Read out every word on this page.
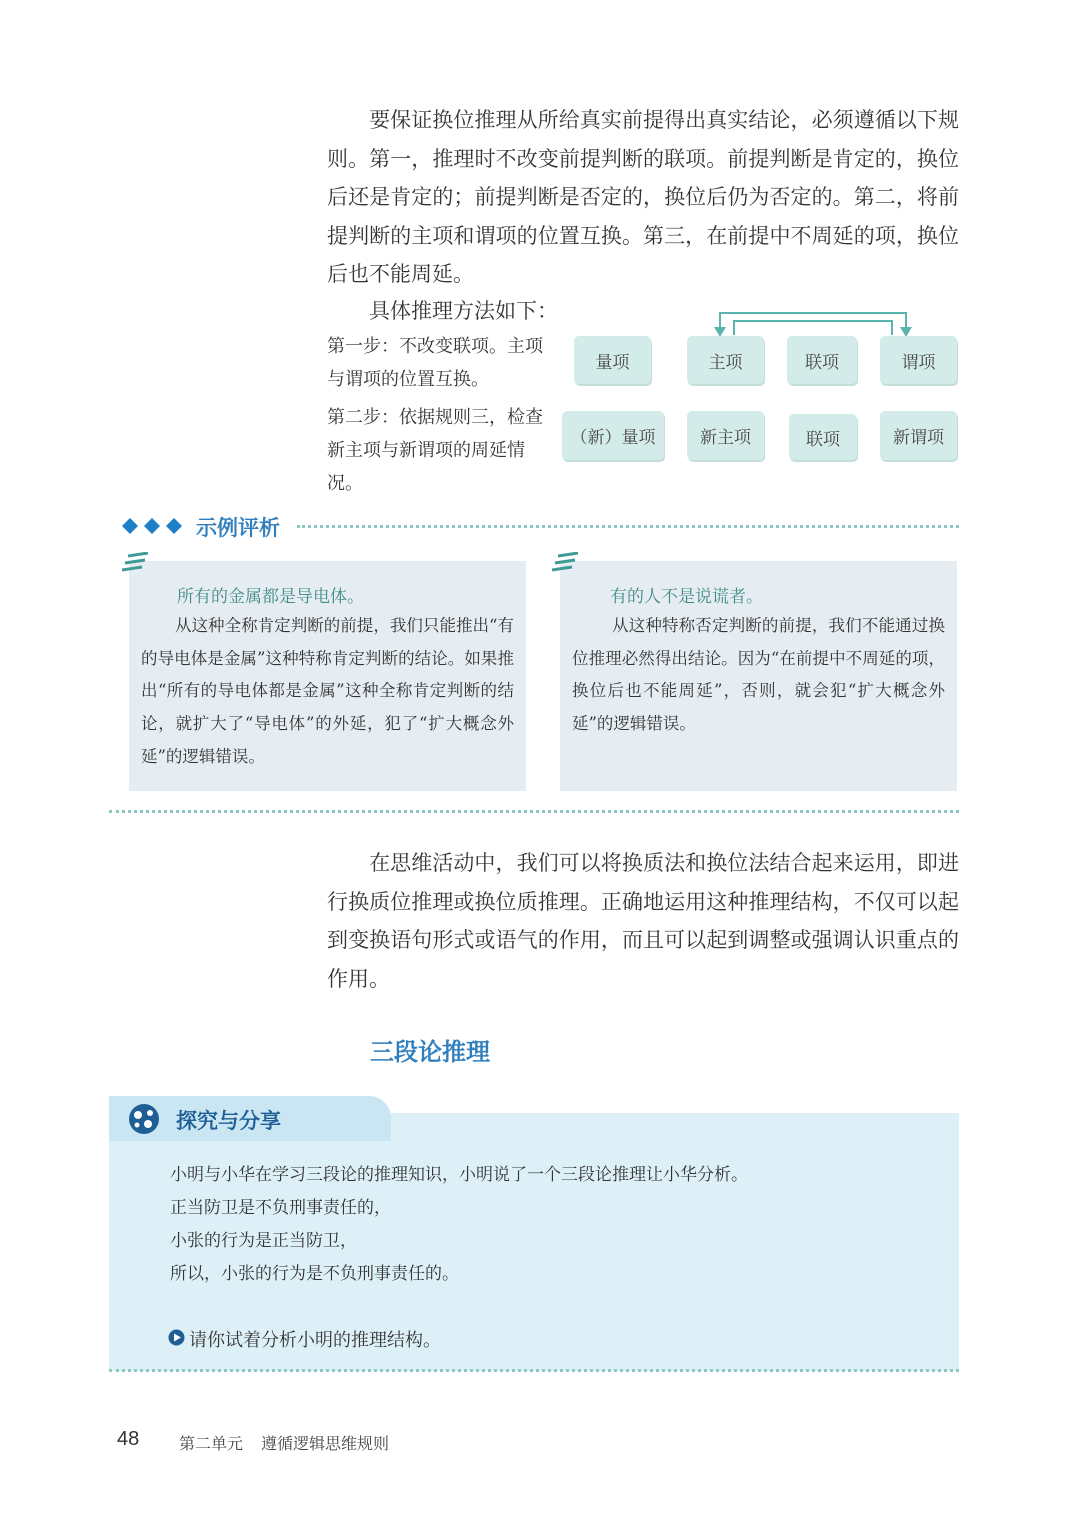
要保证换位推理从所给真实前提得出真实结论，必须遵循以下规则。第一，推理时不改变前提判断的联项。前提判断是肯定的，换位后还是肯定的；前提判断是否定的，换位后仍为否定的。第二，将前提判断的主项和谓项的位置互换。第三，在前提中不周延的项，换位后也不能周延。

具体推理方法如下：

第一步：不改变联项。主项与谓项的位置互换。

第二步：依据规则三，检查新主项与新谓项的周延情况。

量项	主项	联项	谓项
（新）量项	新主项	联项	新谓项
示例评析
所有的金属都是导电体。

从这种全称肯定判断的前提，我们只能推出“有的导电体是金属”这种特称肯定判断的结论。如果推出“所有的导电体都是金属”这种全称肯定判断的结论，就扩大了“导电体”的外延，犯了“扩大概念外延”的逻辑错误。

有的人不是说谎者。

从这种特称否定判断的前提，我们不能通过换位推理必然得出结论。因为“在前提中不周延的项，换位后也不能周延”，否则，就会犯“扩大概念外延”的逻辑错误。

在思维活动中，我们可以将换质法和换位法结合起来运用，即进行换质位推理或换位质推理。正确地运用这种推理结构，不仅可以起到变换语句形式或语气的作用，而且可以起到调整或强调认识重点的作用。

三段论推理
探究与分享
小明与小华在学习三段论的推理知识，小明说了一个三段论推理让小华分析。
正当防卫是不负刑事责任的，
小张的行为是正当防卫，
所以，小张的行为是不负刑事责任的。
请你试着分析小明的推理结构。
48 第二单元 遵循逻辑思维规则
